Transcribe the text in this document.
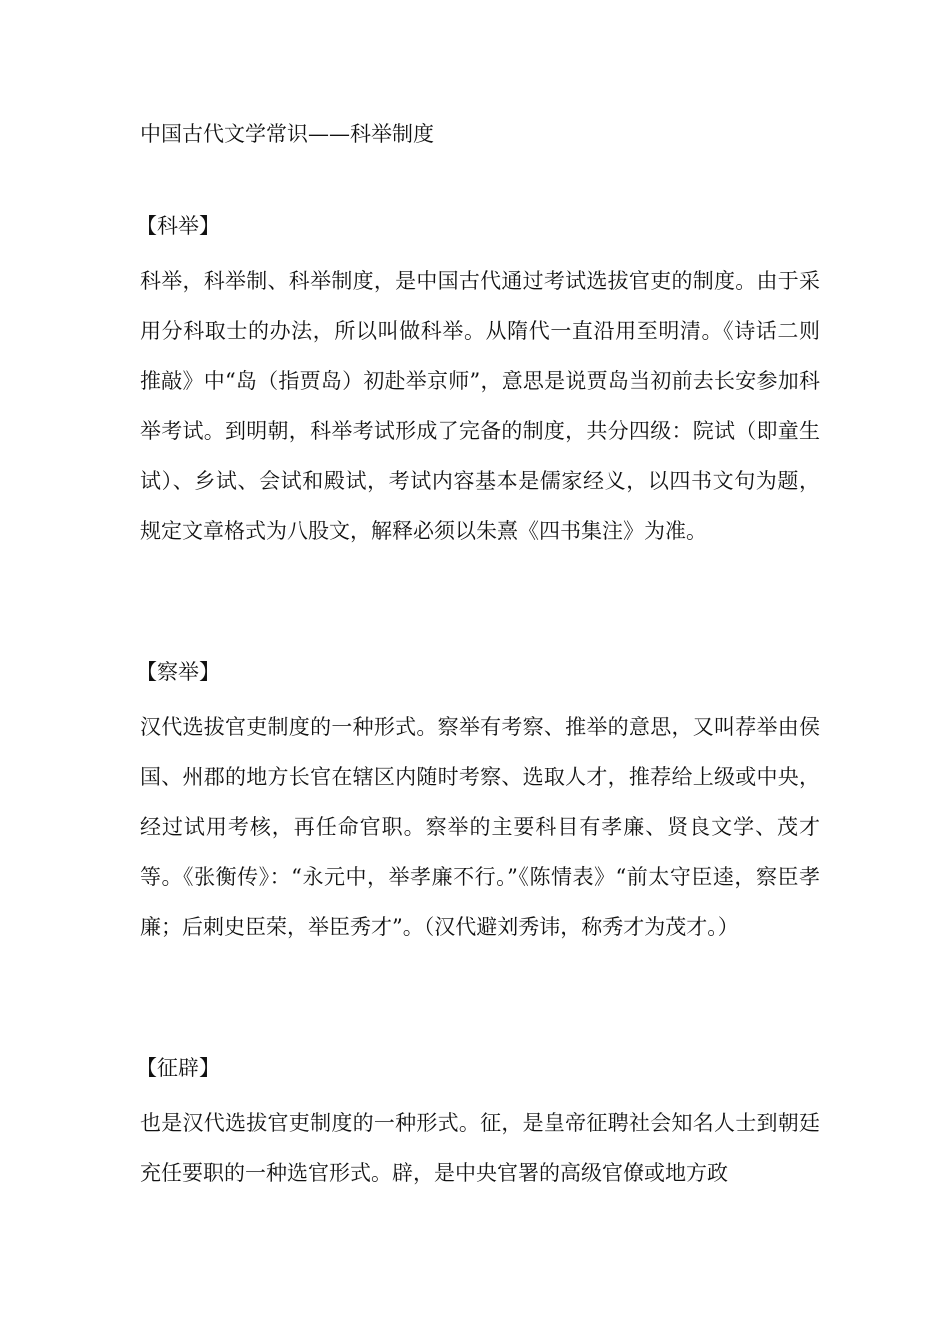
中国古代文学常识——科举制度
【科举】
科举，科举制、科举制度，是中国古代通过考试选拔官吏的制度。由于采用分科取士的办法，所以叫做科举。从隋代一直沿用至明清。《诗话二则推敲》中“岛（指贾岛）初赴举京师”，意思是说贾岛当初前去长安参加科举考试。到明朝，科举考试形成了完备的制度，共分四级：院试（即童生试）、乡试、会试和殿试，考试内容基本是儒家经义，以四书文句为题，规定文章格式为八股文，解释必须以朱熹《四书集注》为准。
【察举】
汉代选拔官吏制度的一种形式。察举有考察、推举的意思，又叫荐举由侯国、州郡的地方长官在辖区内随时考察、选取人才，推荐给上级或中央，经过试用考核，再任命官职。察举的主要科目有孝廉、贤良文学、茂才等。《张衡传》：“永元中，举孝廉不行。”《陈情表》“前太守臣逵，察臣孝廉；后刺史臣荣，举臣秀才”。（汉代避刘秀讳，称秀才为茂才。）
【征辟】
也是汉代选拔官吏制度的一种形式。征，是皇帝征聘社会知名人士到朝廷充任要职的一种选官形式。辟，是中央官署的高级官僚或地方政
